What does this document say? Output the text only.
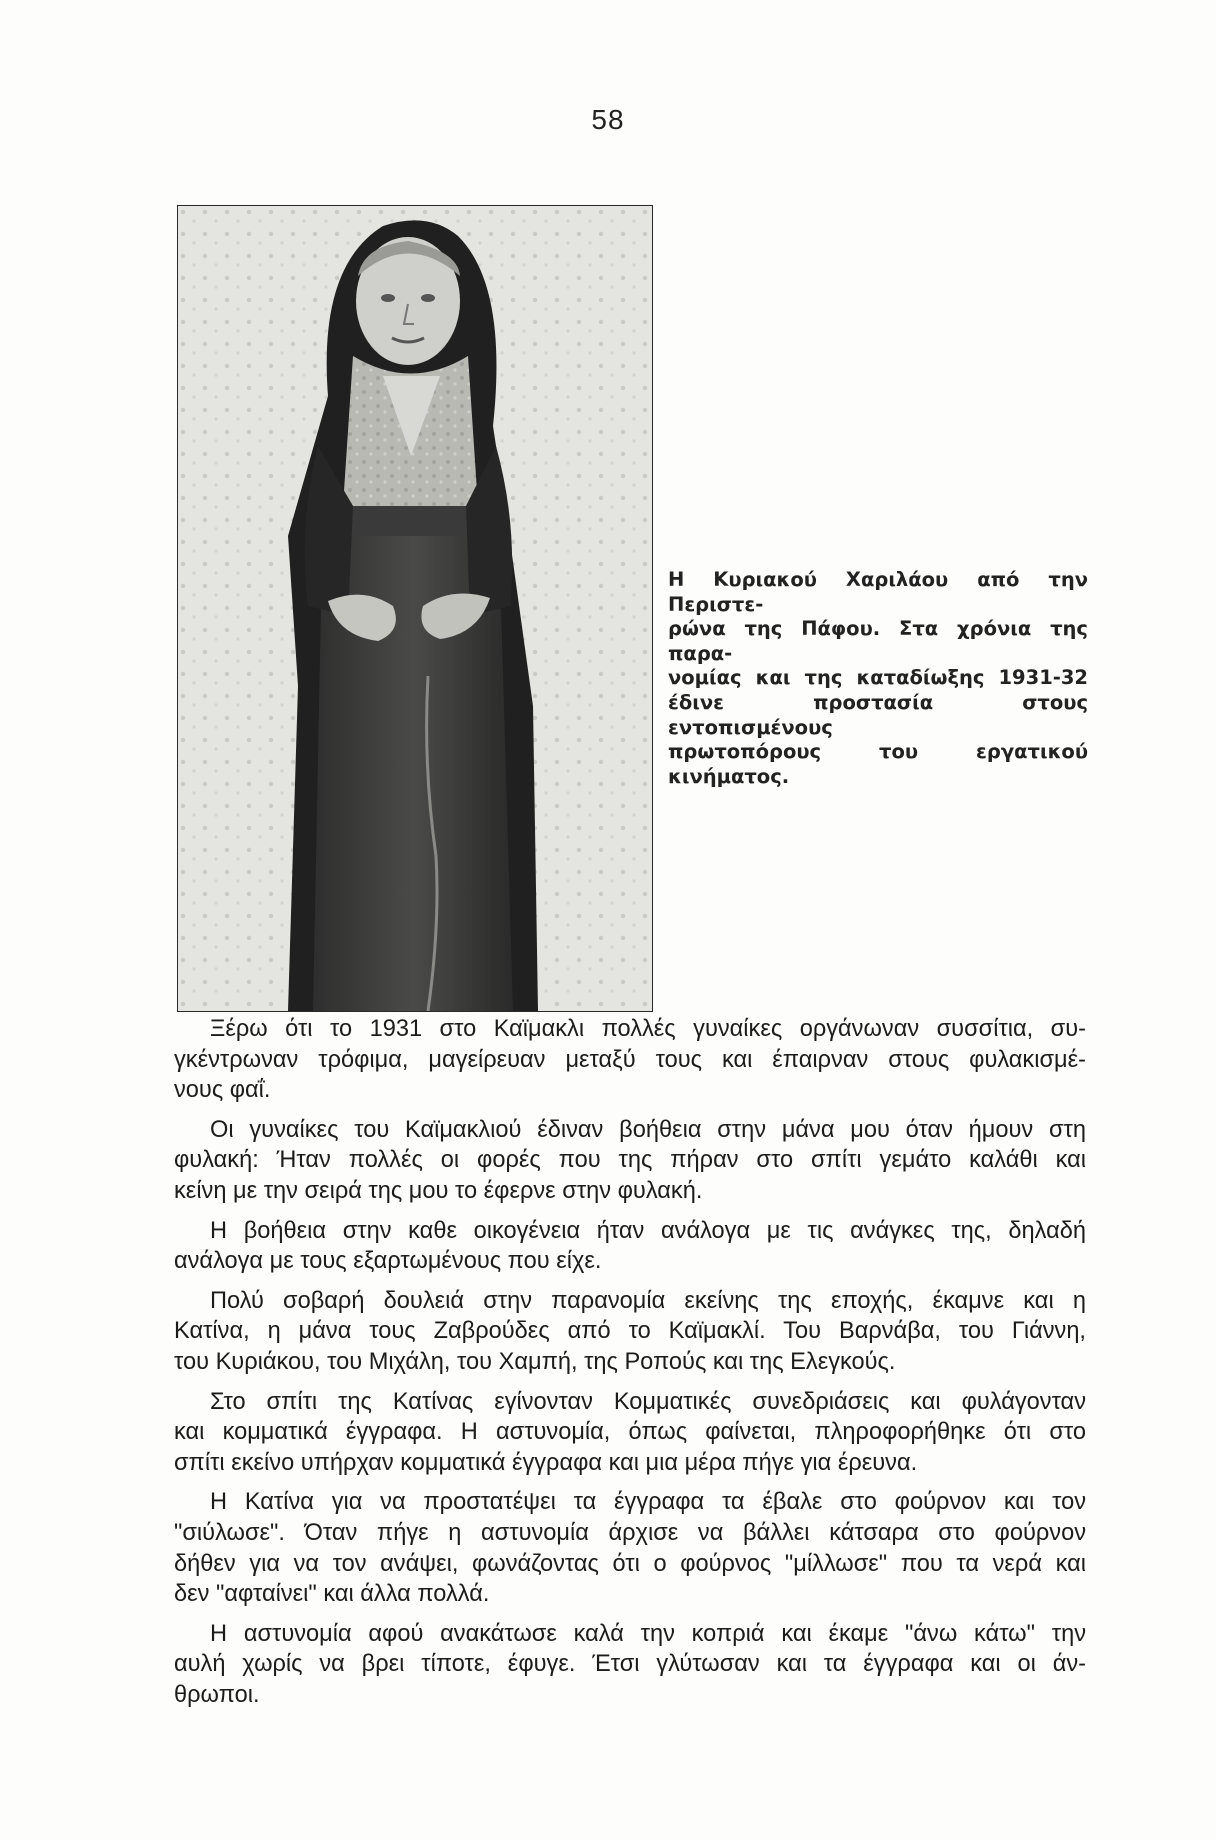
58

Η Κυριακού Χαριλάου από την Περιστε-

ρώνα της Πάφου. Στα χρόνια της παρα-

νομίας και της καταδίωξης 1931-32

έδινε προστασία στους εντοπισμένους

πρωτοπόρους του εργατικού κινήματος.

Ξέρω ότι το 1931 στο Καϊμακλι πολλές γυναίκες οργάνωναν συσσίτια, συ-
γκέντρωναν τρόφιμα, μαγείρευαν μεταξύ τους και έπαιρναν στους φυλακισμέ-
νους φαΐ.
Οι γυναίκες του Καϊμακλιού έδιναν βοήθεια στην μάνα μου όταν ήμουν στη
φυλακή: Ήταν πολλές οι φορές που της πήραν στο σπίτι γεμάτο καλάθι και
κείνη με την σειρά της μου το έφερνε στην φυλακή.
Η βοήθεια στην καθε οικογένεια ήταν ανάλογα με τις ανάγκες της, δηλαδή
ανάλογα με τους εξαρτωμένους που είχε.
Πολύ σοβαρή δουλειά στην παρανομία εκείνης της εποχής, έκαμνε και η
Κατίνα, η μάνα τους Ζαβρούδες από το Καϊμακλί. Του Βαρνάβα, του Γιάννη,
του Κυριάκου, του Μιχάλη, του Χαμπή, της Ροπούς και της Ελεγκούς.
Στο σπίτι της Κατίνας εγίνονταν Κομματικές συνεδριάσεις και φυλάγονταν
και κομματικά έγγραφα. Η αστυνομία, όπως φαίνεται, πληροφορήθηκε ότι στο
σπίτι εκείνο υπήρχαν κομματικά έγγραφα και μια μέρα πήγε για έρευνα.
Η Κατίνα για να προστατέψει τα έγγραφα τα έβαλε στο φούρνον και τον
"σιύλωσε". Όταν πήγε η αστυνομία άρχισε να βάλλει κάτσαρα στο φούρνον
δήθεν για να τον ανάψει, φωνάζοντας ότι ο φούρνος "μίλλωσε" που τα νερά και
δεν "αφταίνει" και άλλα πολλά.
Η αστυνομία αφού ανακάτωσε καλά την κοπριά και έκαμε "άνω κάτω" την
αυλή χωρίς να βρει τίποτε, έφυγε. Έτσι γλύτωσαν και τα έγγραφα και οι άν-
θρωποι.
